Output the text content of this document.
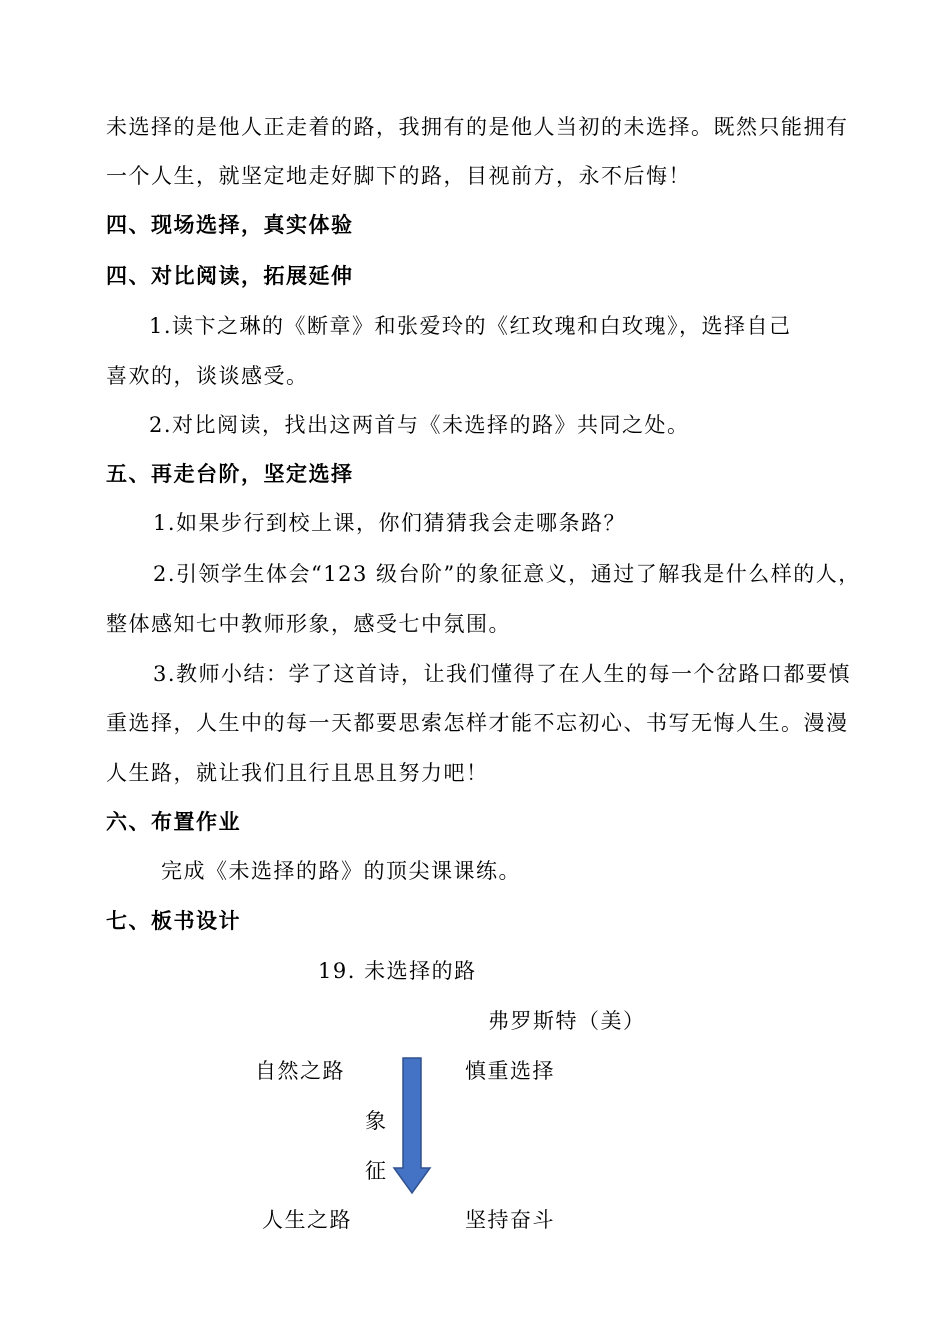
未选择的是他人正走着的路，我拥有的是他人当初的未选择。既然只能拥有
一个人生，就坚定地走好脚下的路，目视前方，永不后悔！
四、现场选择，真实体验
四、对比阅读，拓展延伸
1.读卞之琳的《断章》和张爱玲的《红玫瑰和白玫瑰》，选择自己
喜欢的，谈谈感受。
2.对比阅读，找出这两首与《未选择的路》共同之处。
五、再走台阶，坚定选择
1.如果步行到校上课，你们猜猜我会走哪条路？
2.引领学生体会“123 级台阶”的象征意义，通过了解我是什么样的人，
整体感知七中教师形象，感受七中氛围。
3.教师小结：学了这首诗，让我们懂得了在人生的每一个岔路口都要慎
重选择，人生中的每一天都要思索怎样才能不忘初心、书写无悔人生。漫漫
人生路，就让我们且行且思且努力吧！
六、布置作业
完成《未选择的路》的顶尖课课练。
七、板书设计
19. 未选择的路
弗罗斯特（美）
自然之路	慎重选择
象
征
人生之路	坚持奋斗
